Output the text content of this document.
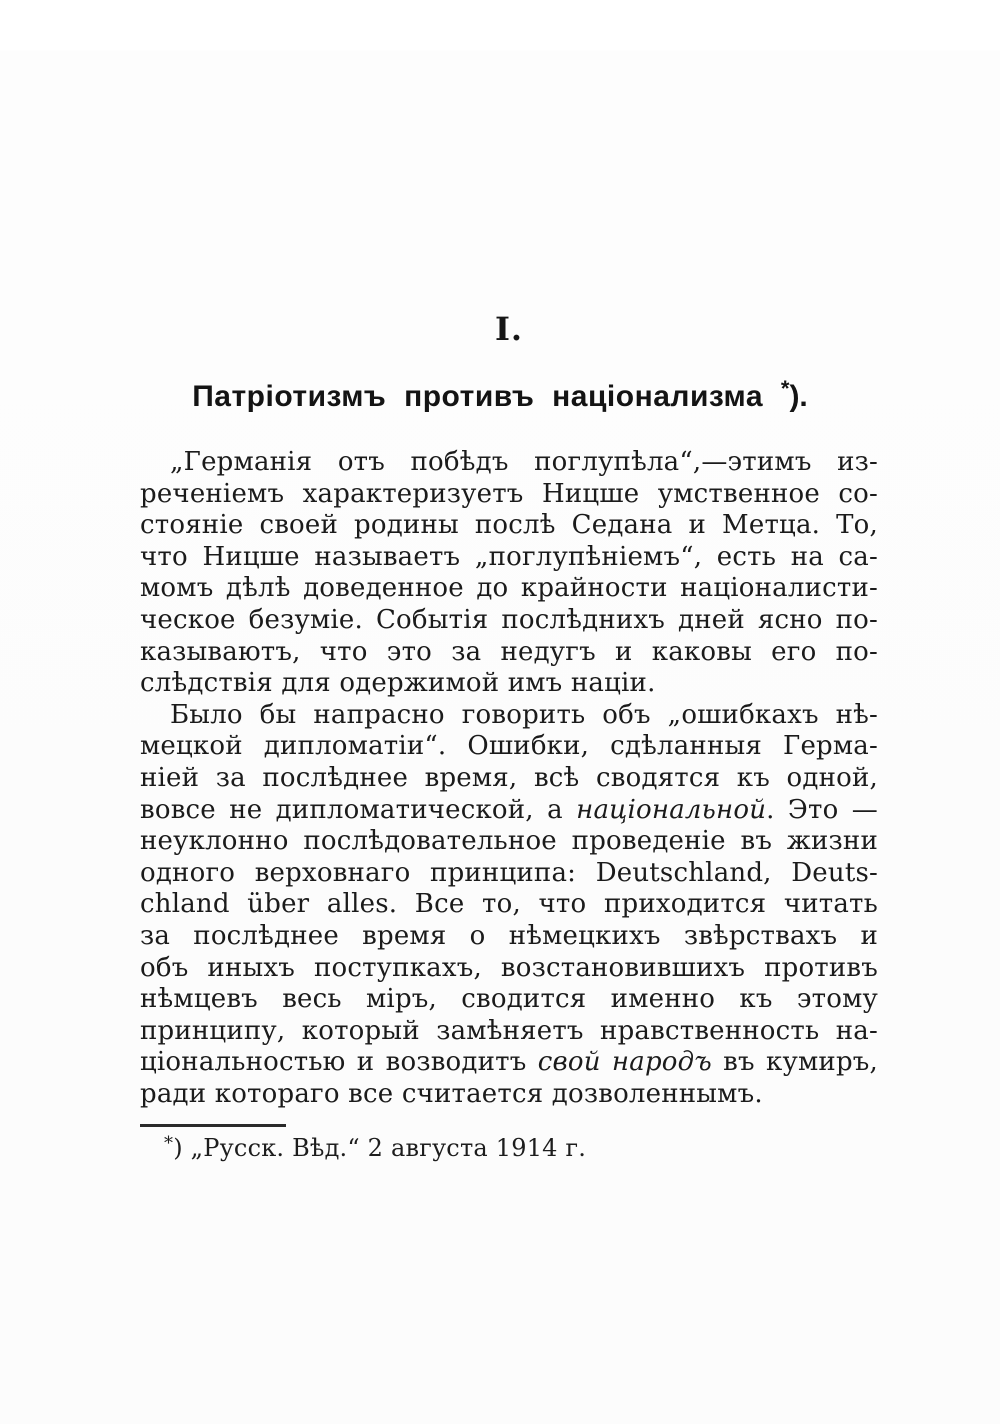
I.
Патріотизмъ противъ націонализма *).
„Германія отъ побѣдъ поглупѣла“,—этимъ из-
реченіемъ характеризуетъ Ницше умственное со-
стояніе своей родины послѣ Седана и Метца. То,
что Ницше называетъ „поглупѣніемъ“, есть на са-
момъ дѣлѣ доведенное до крайности націоналисти-
ческое безуміе. Событія послѣднихъ дней ясно по-
казываютъ, что это за недугъ и каковы его по-
слѣдствія для одержимой имъ націи.
Было бы напрасно говорить объ „ошибкахъ нѣ-
мецкой дипломатіи“. Ошибки, сдѣланныя Герма-
ніей за послѣднее время, всѣ сводятся къ одной,
вовсе не дипломатической, а національной. Это —
неуклонно послѣдовательное проведеніе въ жизни
одного верховнаго принципа: Deutschland, Deuts-
chland über alles. Все то, что приходится читать
за послѣднее время о нѣмецкихъ звѣрствахъ и
объ иныхъ поступкахъ, возстановившихъ противъ
нѣмцевъ весь міръ, сводится именно къ этому
принципу, который замѣняетъ нравственность на-
ціональностью и возводитъ свой народъ въ кумиръ,
ради котораго все считается дозволеннымъ.

*) „Русск. Вѣд.“ 2 августа 1914 г.
